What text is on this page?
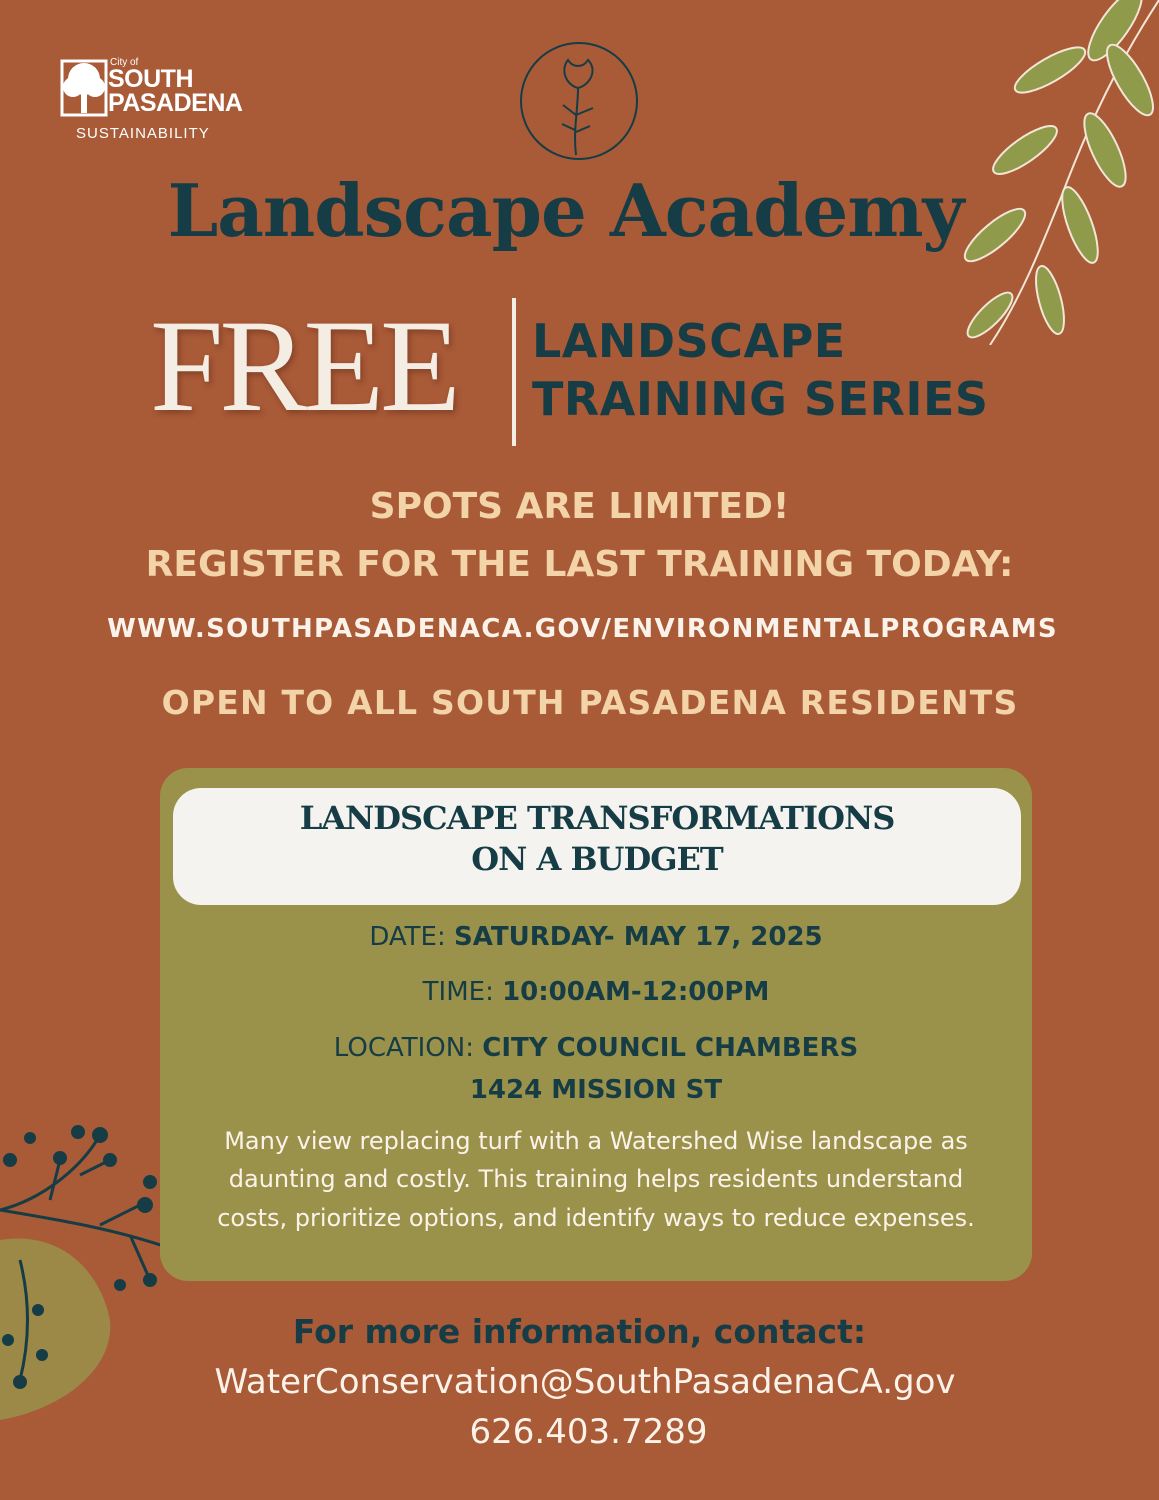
City of
SOUTH
PASADENA
SUSTAINABILITY
Landscape Academy
FREE LANDSCAPE
TRAINING SERIES
SPOTS ARE LIMITED!
REGISTER FOR THE LAST TRAINING TODAY:
WWW.SOUTHPASADENACA.GOV/ENVIRONMENTALPROGRAMS
OPEN TO ALL SOUTH PASADENA RESIDENTS
LANDSCAPE TRANSFORMATIONS
ON A BUDGET
DATE: SATURDAY- MAY 17, 2025
TIME: 10:00AM-12:00PM
LOCATION: CITY COUNCIL CHAMBERS
1424 MISSION ST
Many view replacing turf with a Watershed Wise landscape as daunting and costly. This training helps residents understand costs, prioritize options, and identify ways to reduce expenses.
For more information, contact:
WaterConservation@SouthPasadenaCA.gov
626.403.7289
